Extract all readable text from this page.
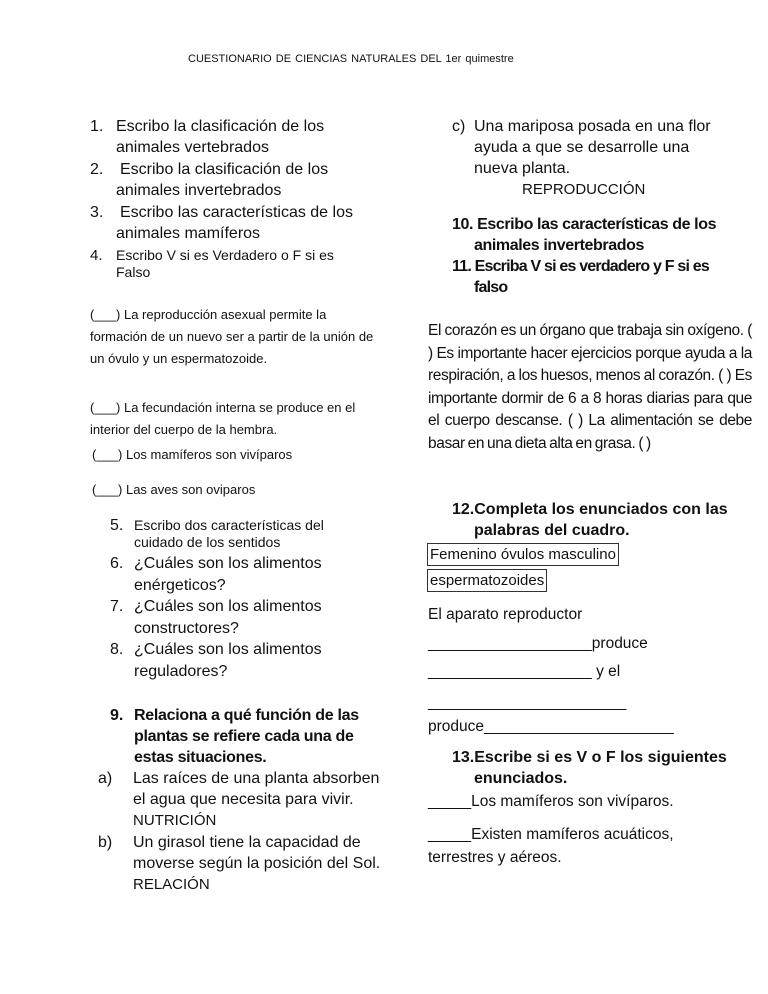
CUESTIONARIO DE CIENCIAS NATURALES DEL 1er quimestre
1. Escribo la clasificación de los animales vertebrados
2. Escribo la clasificación de los animales invertebrados
3. Escribo las características de los animales mamíferos
4. Escribo V si es Verdadero o F si es Falso
(___) La reproducción asexual permite la formación de un nuevo ser a partir de la unión de un óvulo y un espermatozoide.
(___) La fecundación interna se produce en el interior del cuerpo de la hembra.
(___) Los mamíferos son vivíparos
(___) Las aves son oviparos
5. Escribo dos características del cuidado de los sentidos
6. ¿Cuáles son los alimentos enérgeticos?
7. ¿Cuáles son los alimentos constructores?
8. ¿Cuáles son los alimentos reguladores?
9. Relaciona a qué función de las plantas se refiere cada una de estas situaciones.
a) Las raíces de una planta absorben el agua que necesita para vivir.
NUTRICIÓN
b) Un girasol tiene la capacidad de moverse según la posición del Sol.
RELACIÓN
c) Una mariposa posada en una flor ayuda a que se desarrolle una nueva planta.
REPRODUCCIÓN
10. Escribo las características de los animales invertebrados
11. Escriba V si es verdadero y F si es falso
El corazón es un órgano que trabaja sin oxígeno. ( ) Es importante hacer ejercicios porque ayuda a la respiración, a los huesos, menos al corazón. ( ) Es importante dormir de 6 a 8 horas diarias para que el cuerpo descanse. ( ) La alimentación se debe basar en una dieta alta en grasa. ( )
12.Completa los enunciados con las palabras del cuadro.
Femenino óvulos masculino
espermatozoides
El aparato reproductor
___________________produce
___________________ y el
_______________________
produce______________________
13.Escribe si es V o F los siguientes enunciados.
_____Los mamíferos son vivíparos.
_____Existen mamíferos acuáticos, terrestres y aéreos.
